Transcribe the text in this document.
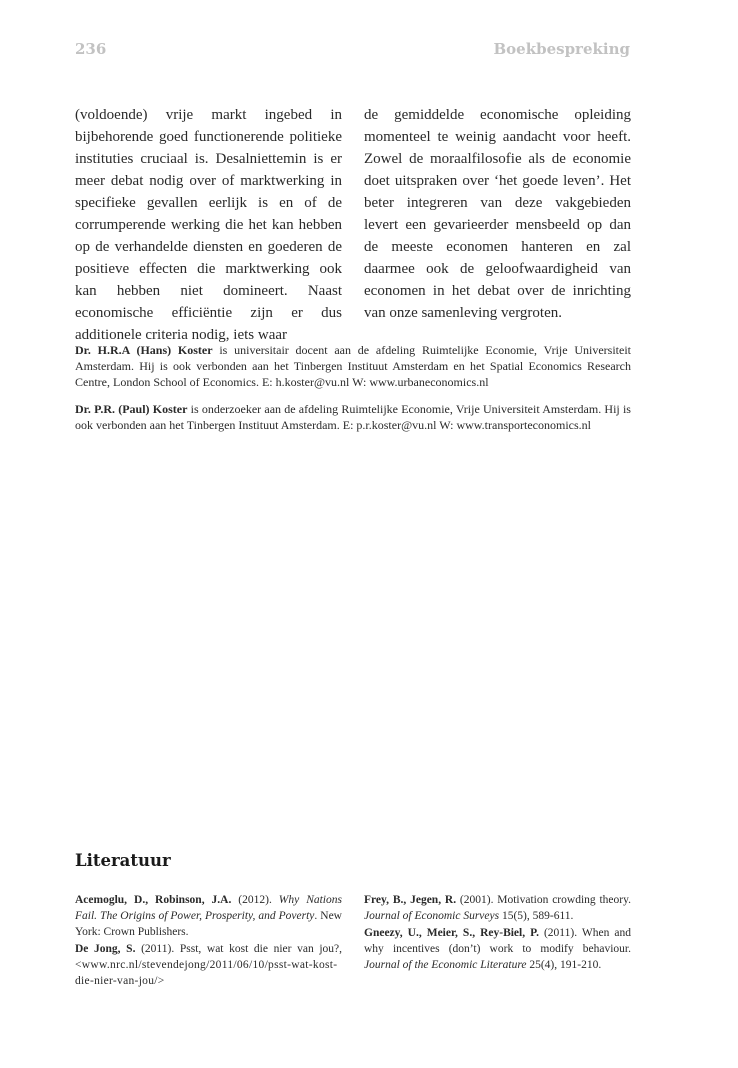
236	Boekbespreking

(voldoende) vrije markt ingebed in bijbehorende goed functionerende politieke instituties cruciaal is. Desalniettemin is er meer debat nodig over of marktwerking in specifieke gevallen eerlijk is en of de corrumperende werking die het kan hebben op de verhandelde diensten en goederen de positieve effecten die marktwerking ook kan hebben niet domineert. Naast economische efficiëntie zijn er dus additionele criteria nodig, iets waar

de gemiddelde economische opleiding momenteel te weinig aandacht voor heeft. Zowel de moraalfilosofie als de economie doet uitspraken over ‘het goede leven’. Het beter integreren van deze vakgebieden levert een gevarieerder mensbeeld op dan de meeste economen hanteren en zal daarmee ook de geloofwaardigheid van economen in het debat over de inrichting van onze samenleving vergroten.

Dr. H.R.A (Hans) Koster is universitair docent aan de afdeling Ruimtelijke Economie, Vrije Universiteit Amsterdam. Hij is ook verbonden aan het Tinbergen Instituut Amsterdam en het Spatial Economics Research Centre, London School of Economics. E: h.koster@vu.nl W: www.urbaneconomics.nl

Dr. P.R. (Paul) Koster is onderzoeker aan de afdeling Ruimtelijke Economie, Vrije Universiteit Amsterdam. Hij is ook verbonden aan het Tinbergen Instituut Amsterdam. E: p.r.koster@vu.nl W: www.transporteconomics.nl

Literatuur

Acemoglu, D., Robinson, J.A. (2012). Why Nations Fail. The Origins of Power, Prosperity, and Poverty. New York: Crown Publishers.

De Jong, S. (2011). Psst, wat kost die nier van jou?,<www.nrc.nl/stevendejong/2011/06/10/psst-wat-kost-die-nier-van-jou/>

Frey, B., Jegen, R. (2001). Motivation crowding theory. Journal of Economic Surveys 15(5), 589-611.

Gneezy, U., Meier, S., Rey-Biel, P. (2011). When and why incentives (don’t) work to modify behaviour. Journal of the Economic Literature 25(4), 191-210.
